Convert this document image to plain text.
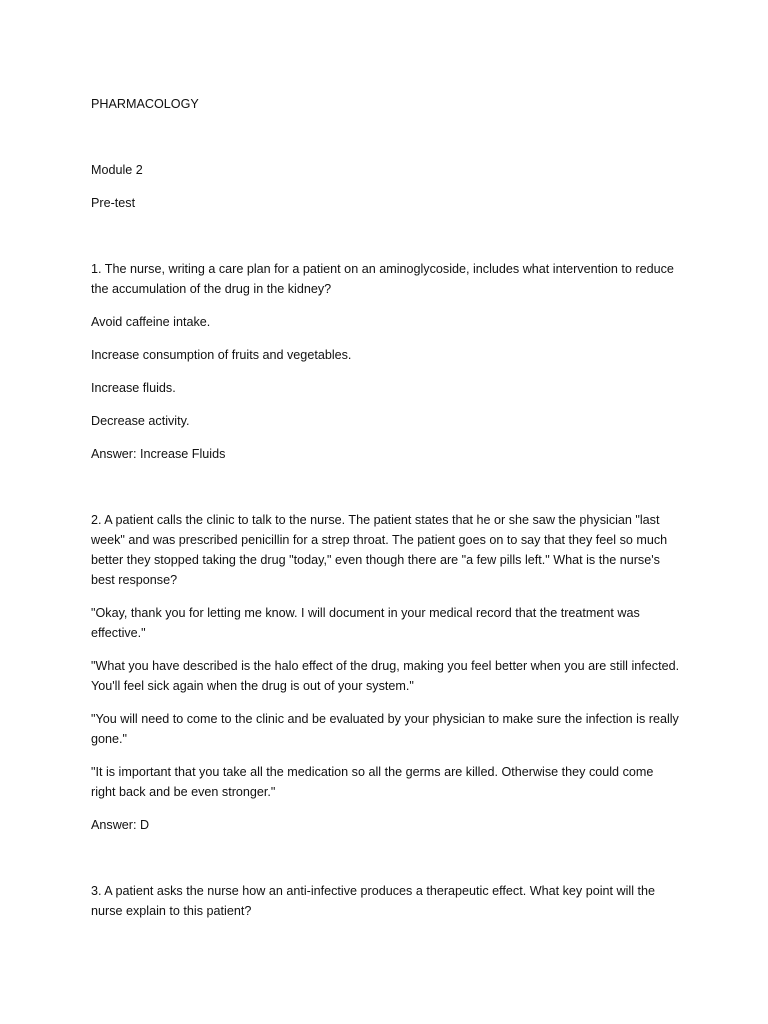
PHARMACOLOGY

Module 2

Pre-test

1. The nurse, writing a care plan for a patient on an aminoglycoside, includes what intervention to reduce the accumulation of the drug in the kidney?

Avoid caffeine intake.

Increase consumption of fruits and vegetables.

Increase fluids.

Decrease activity.

Answer: Increase Fluids

2. A patient calls the clinic to talk to the nurse. The patient states that he or she saw the physician "last week" and was prescribed penicillin for a strep throat. The patient goes on to say that they feel so much better they stopped taking the drug "today," even though there are "a few pills left." What is the nurse's best response?

"Okay, thank you for letting me know. I will document in your medical record that the treatment was effective."

"What you have described is the halo effect of the drug, making you feel better when you are still infected. You'll feel sick again when the drug is out of your system."

"You will need to come to the clinic and be evaluated by your physician to make sure the infection is really gone."

"It is important that you take all the medication so all the germs are killed. Otherwise they could come right back and be even stronger."

Answer: D

3. A patient asks the nurse how an anti-infective produces a therapeutic effect. What key point will the nurse explain to this patient?
